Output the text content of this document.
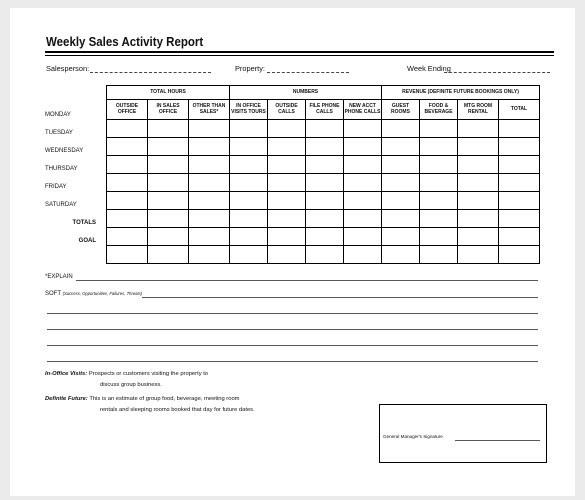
Weekly Sales Activity Report
Salesperson:	Property:	Week Ending
TOTAL HOURS			NUMBERS				REVENUE (DEFINITE FUTURE BOOKINGS ONLY)			
OUTSIDE OFFICE	IN SALES OFFICE	OTHER THAN SALES*	IN OFFICE VISITS TOURS	OUTSIDE CALLS	FILE PHONE CALLS	NEW ACCT PHONE CALLS	GUEST ROOMS	FOOD & BEVERAGE	MTG ROOM RENTAL	TOTAL

MONDAY
TUESDAY
WEDNESDAY
THURSDAY
FRIDAY
SATURDAY
TOTALS
GOAL
*EXPLAIN
SOFT (Success, Opportunities, Failures, Threats)
In-Office Visits: Prospects or customers visiting the property to
discuss group business.
Definite Future: This is an estimate of group food, beverage, meeting room
rentals and sleeping rooms booked that day for future dates.
General Manager's Signature
